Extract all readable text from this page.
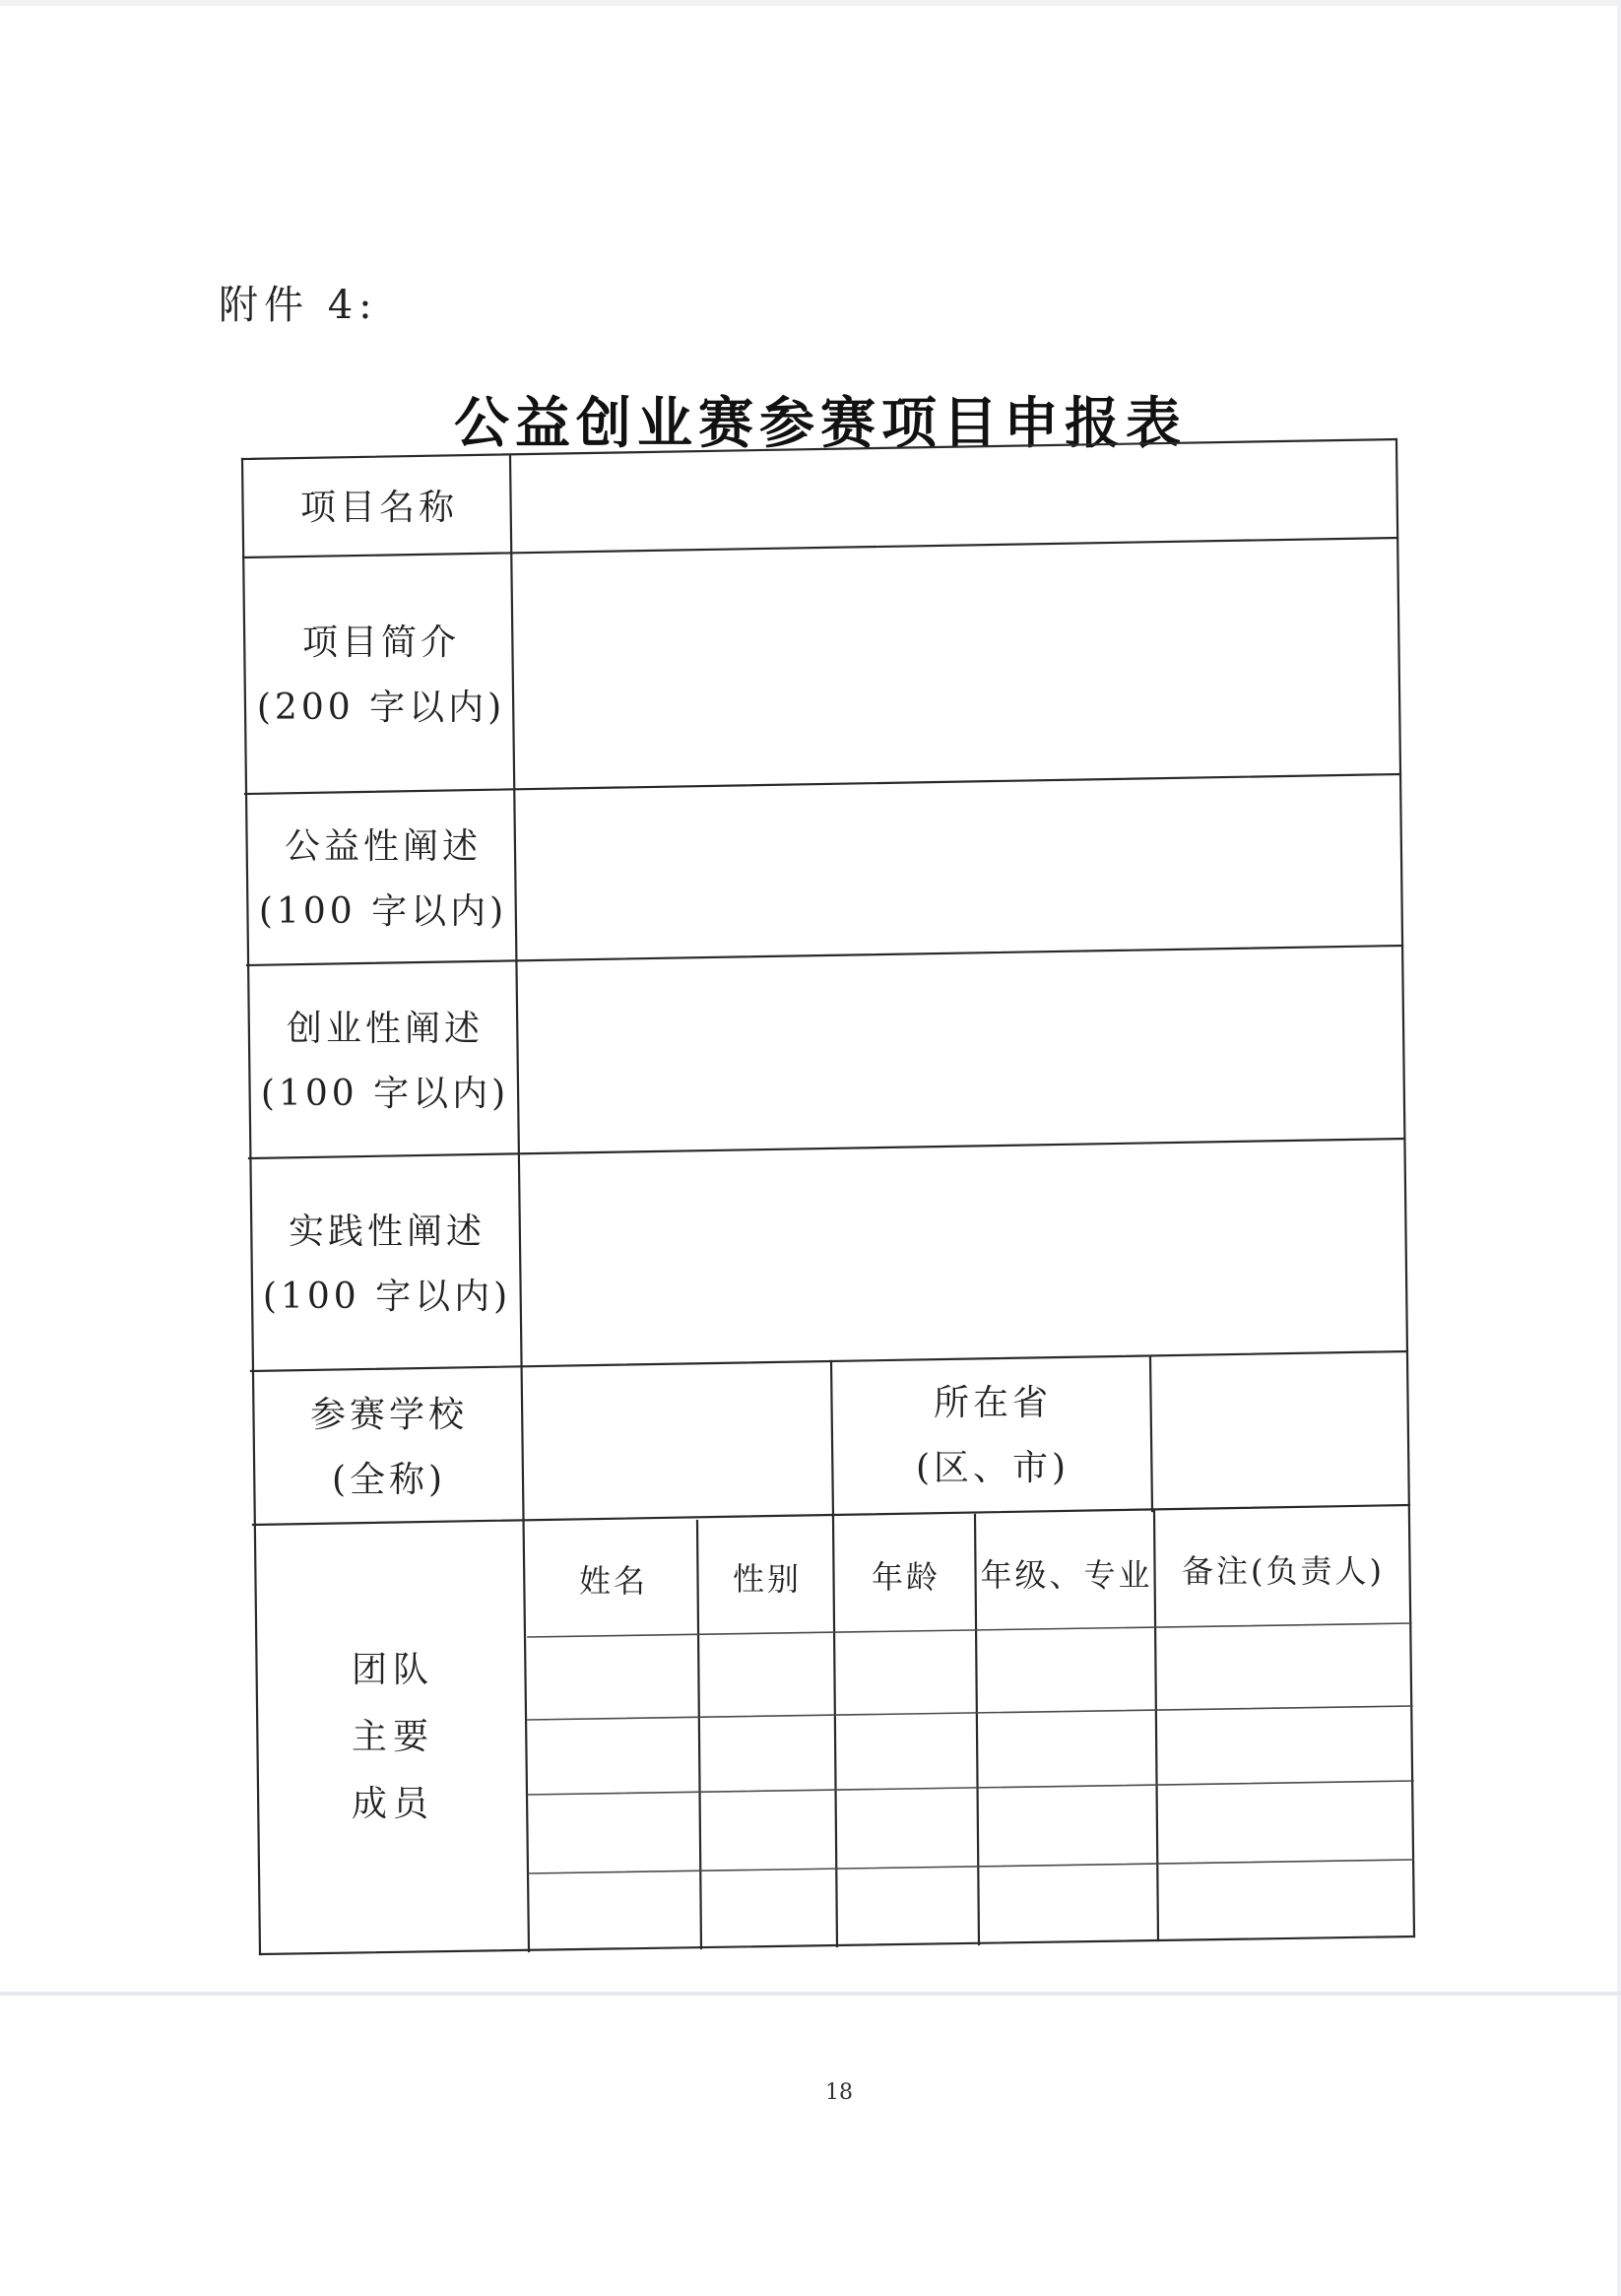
附件 4:
公益创业赛参赛项目申报表
项目名称
项目简介
(200 字以内)
公益性阐述
(100 字以内)
创业性阐述
(100 字以内)
实践性阐述
(100 字以内)
参赛学校
(全称)
团队
主要
成员
所在省
(区、市)
姓名	性别 年龄 年级、专业 备注(负责人)
18
